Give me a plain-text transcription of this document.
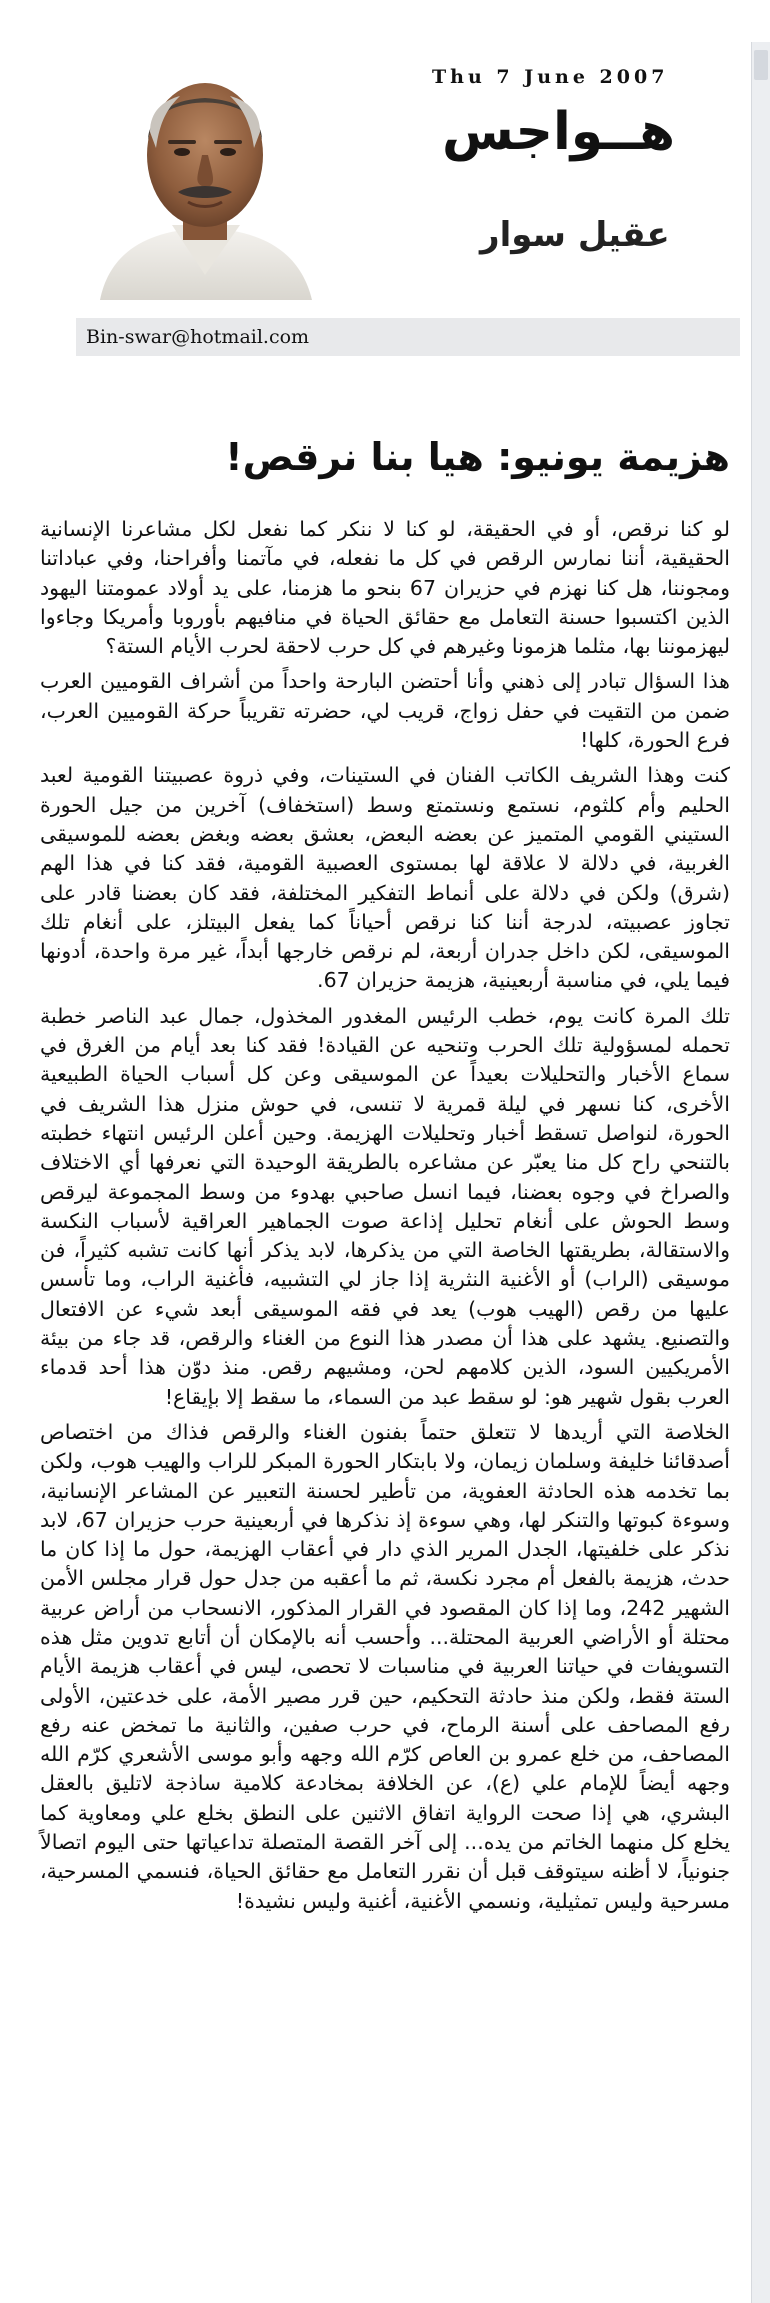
Thu 7 June 2007
هــواجس
عقيل سوار
Bin-swar@hotmail.com
هزيمة يونيو: هيا بنا نرقص!

لو كنا نرقص، أو في الحقيقة، لو كنا لا ننكر كما نفعل لكل مشاعرنا الإنسانية الحقيقية، أننا نمارس الرقص في كل ما نفعله، في مآتمنا وأفراحنا، وفي عباداتنا ومجوننا، هل كنا نهزم في حزيران 67 بنحو ما هزمنا، على يد أولاد عمومتنا اليهود الذين اكتسبوا حسنة التعامل مع حقائق الحياة في منافيهم بأوروبا وأمريكا وجاءوا ليهزموننا بها، مثلما هزمونا وغيرهم في كل حرب لاحقة لحرب الأيام الستة؟

هذا السؤال تبادر إلى ذهني وأنا أحتضن البارحة واحداً من أشراف القوميين العرب ضمن من التقيت في حفل زواج، قريب لي، حضرته تقريباً حركة القوميين العرب، فرع الحورة، كلها!

كنت وهذا الشريف الكاتب الفنان في الستينات، وفي ذروة عصبيتنا القومية لعبد الحليم وأم كلثوم، نستمع ونستمتع وسط (استخفاف) آخرين من جيل الحورة الستيني القومي المتميز عن بعضه البعض، بعشق بعضه وبغض بعضه للموسيقى الغربية، في دلالة لا علاقة لها بمستوى العصبية القومية، فقد كنا في هذا الهم (شرق) ولكن في دلالة على أنماط التفكير المختلفة، فقد كان بعضنا قادر على تجاوز عصبيته، لدرجة أننا كنا نرقص أحياناً كما يفعل البيتلز، على أنغام تلك الموسيقى، لكن داخل جدران أربعة، لم نرقص خارجها أبداً، غير مرة واحدة، أدونها فيما يلي، في مناسبة أربعينية، هزيمة حزيران 67.

تلك المرة كانت يوم، خطب الرئيس المغدور المخذول، جمال عبد الناصر خطبة تحمله لمسؤولية تلك الحرب وتنحيه عن القيادة! فقد كنا بعد أيام من الغرق في سماع الأخبار والتحليلات بعيداً عن الموسيقى وعن كل أسباب الحياة الطبيعية الأخرى، كنا نسهر في ليلة قمرية لا تنسى، في حوش منزل هذا الشريف في الحورة، لنواصل تسقط أخبار وتحليلات الهزيمة. وحين أعلن الرئيس انتهاء خطبته بالتنحي راح كل منا يعبّر عن مشاعره بالطريقة الوحيدة التي نعرفها أي الاختلاف والصراخ في وجوه بعضنا، فيما انسل صاحبي بهدوء من وسط المجموعة ليرقص وسط الحوش على أنغام تحليل إذاعة صوت الجماهير العراقية لأسباب النكسة والاستقالة، بطريقتها الخاصة التي من يذكرها، لابد يذكر أنها كانت تشبه كثيراً، فن موسيقى (الراب) أو الأغنية النثرية إذا جاز لي التشبيه، فأغنية الراب، وما تأسس عليها من رقص (الهيب هوب) يعد في فقه الموسيقى أبعد شيء عن الافتعال والتصنيع. يشهد على هذا أن مصدر هذا النوع من الغناء والرقص، قد جاء من بيئة الأمريكيين السود، الذين كلامهم لحن، ومشيهم رقص. منذ دوّن هذا أحد قدماء العرب بقول شهير هو: لو سقط عبد من السماء، ما سقط إلا بإيقاع!

الخلاصة التي أريدها لا تتعلق حتماً بفنون الغناء والرقص فذاك من اختصاص أصدقائنا خليفة وسلمان زيمان، ولا بابتكار الحورة المبكر للراب والهيب هوب، ولكن بما تخدمه هذه الحادثة العفوية، من تأطير لحسنة التعبير عن المشاعر الإنسانية، وسوءة كبوتها والتنكر لها، وهي سوءة إذ نذكرها في أربعينية حرب حزيران 67، لابد نذكر على خلفيتها، الجدل المرير الذي دار في أعقاب الهزيمة، حول ما إذا كان ما حدث، هزيمة بالفعل أم مجرد نكسة، ثم ما أعقبه من جدل حول قرار مجلس الأمن الشهير 242، وما إذا كان المقصود في القرار المذكور، الانسحاب من أراض عربية محتلة أو الأراضي العربية المحتلة... وأحسب أنه بالإمكان أن أتابع تدوين مثل هذه التسويفات في حياتنا العربية في مناسبات لا تحصى، ليس في أعقاب هزيمة الأيام الستة فقط، ولكن منذ حادثة التحكيم، حين قرر مصير الأمة، على خدعتين، الأولى رفع المصاحف على أسنة الرماح، في حرب صفين، والثانية ما تمخض عنه رفع المصاحف، من خلع عمرو بن العاص كرّم الله وجهه وأبو موسى الأشعري كرّم الله وجهه أيضاً للإمام علي (ع)، عن الخلافة بمخادعة كلامية ساذجة لاتليق بالعقل البشري، هي إذا صحت الرواية اتفاق الاثنين على النطق بخلع علي ومعاوية كما يخلع كل منهما الخاتم من يده... إلى آخر القصة المتصلة تداعياتها حتى اليوم اتصالاً جنونياً، لا أظنه سيتوقف قبل أن نقرر التعامل مع حقائق الحياة، فنسمي المسرحية، مسرحية وليس تمثيلية، ونسمي الأغنية، أغنية وليس نشيدة!
